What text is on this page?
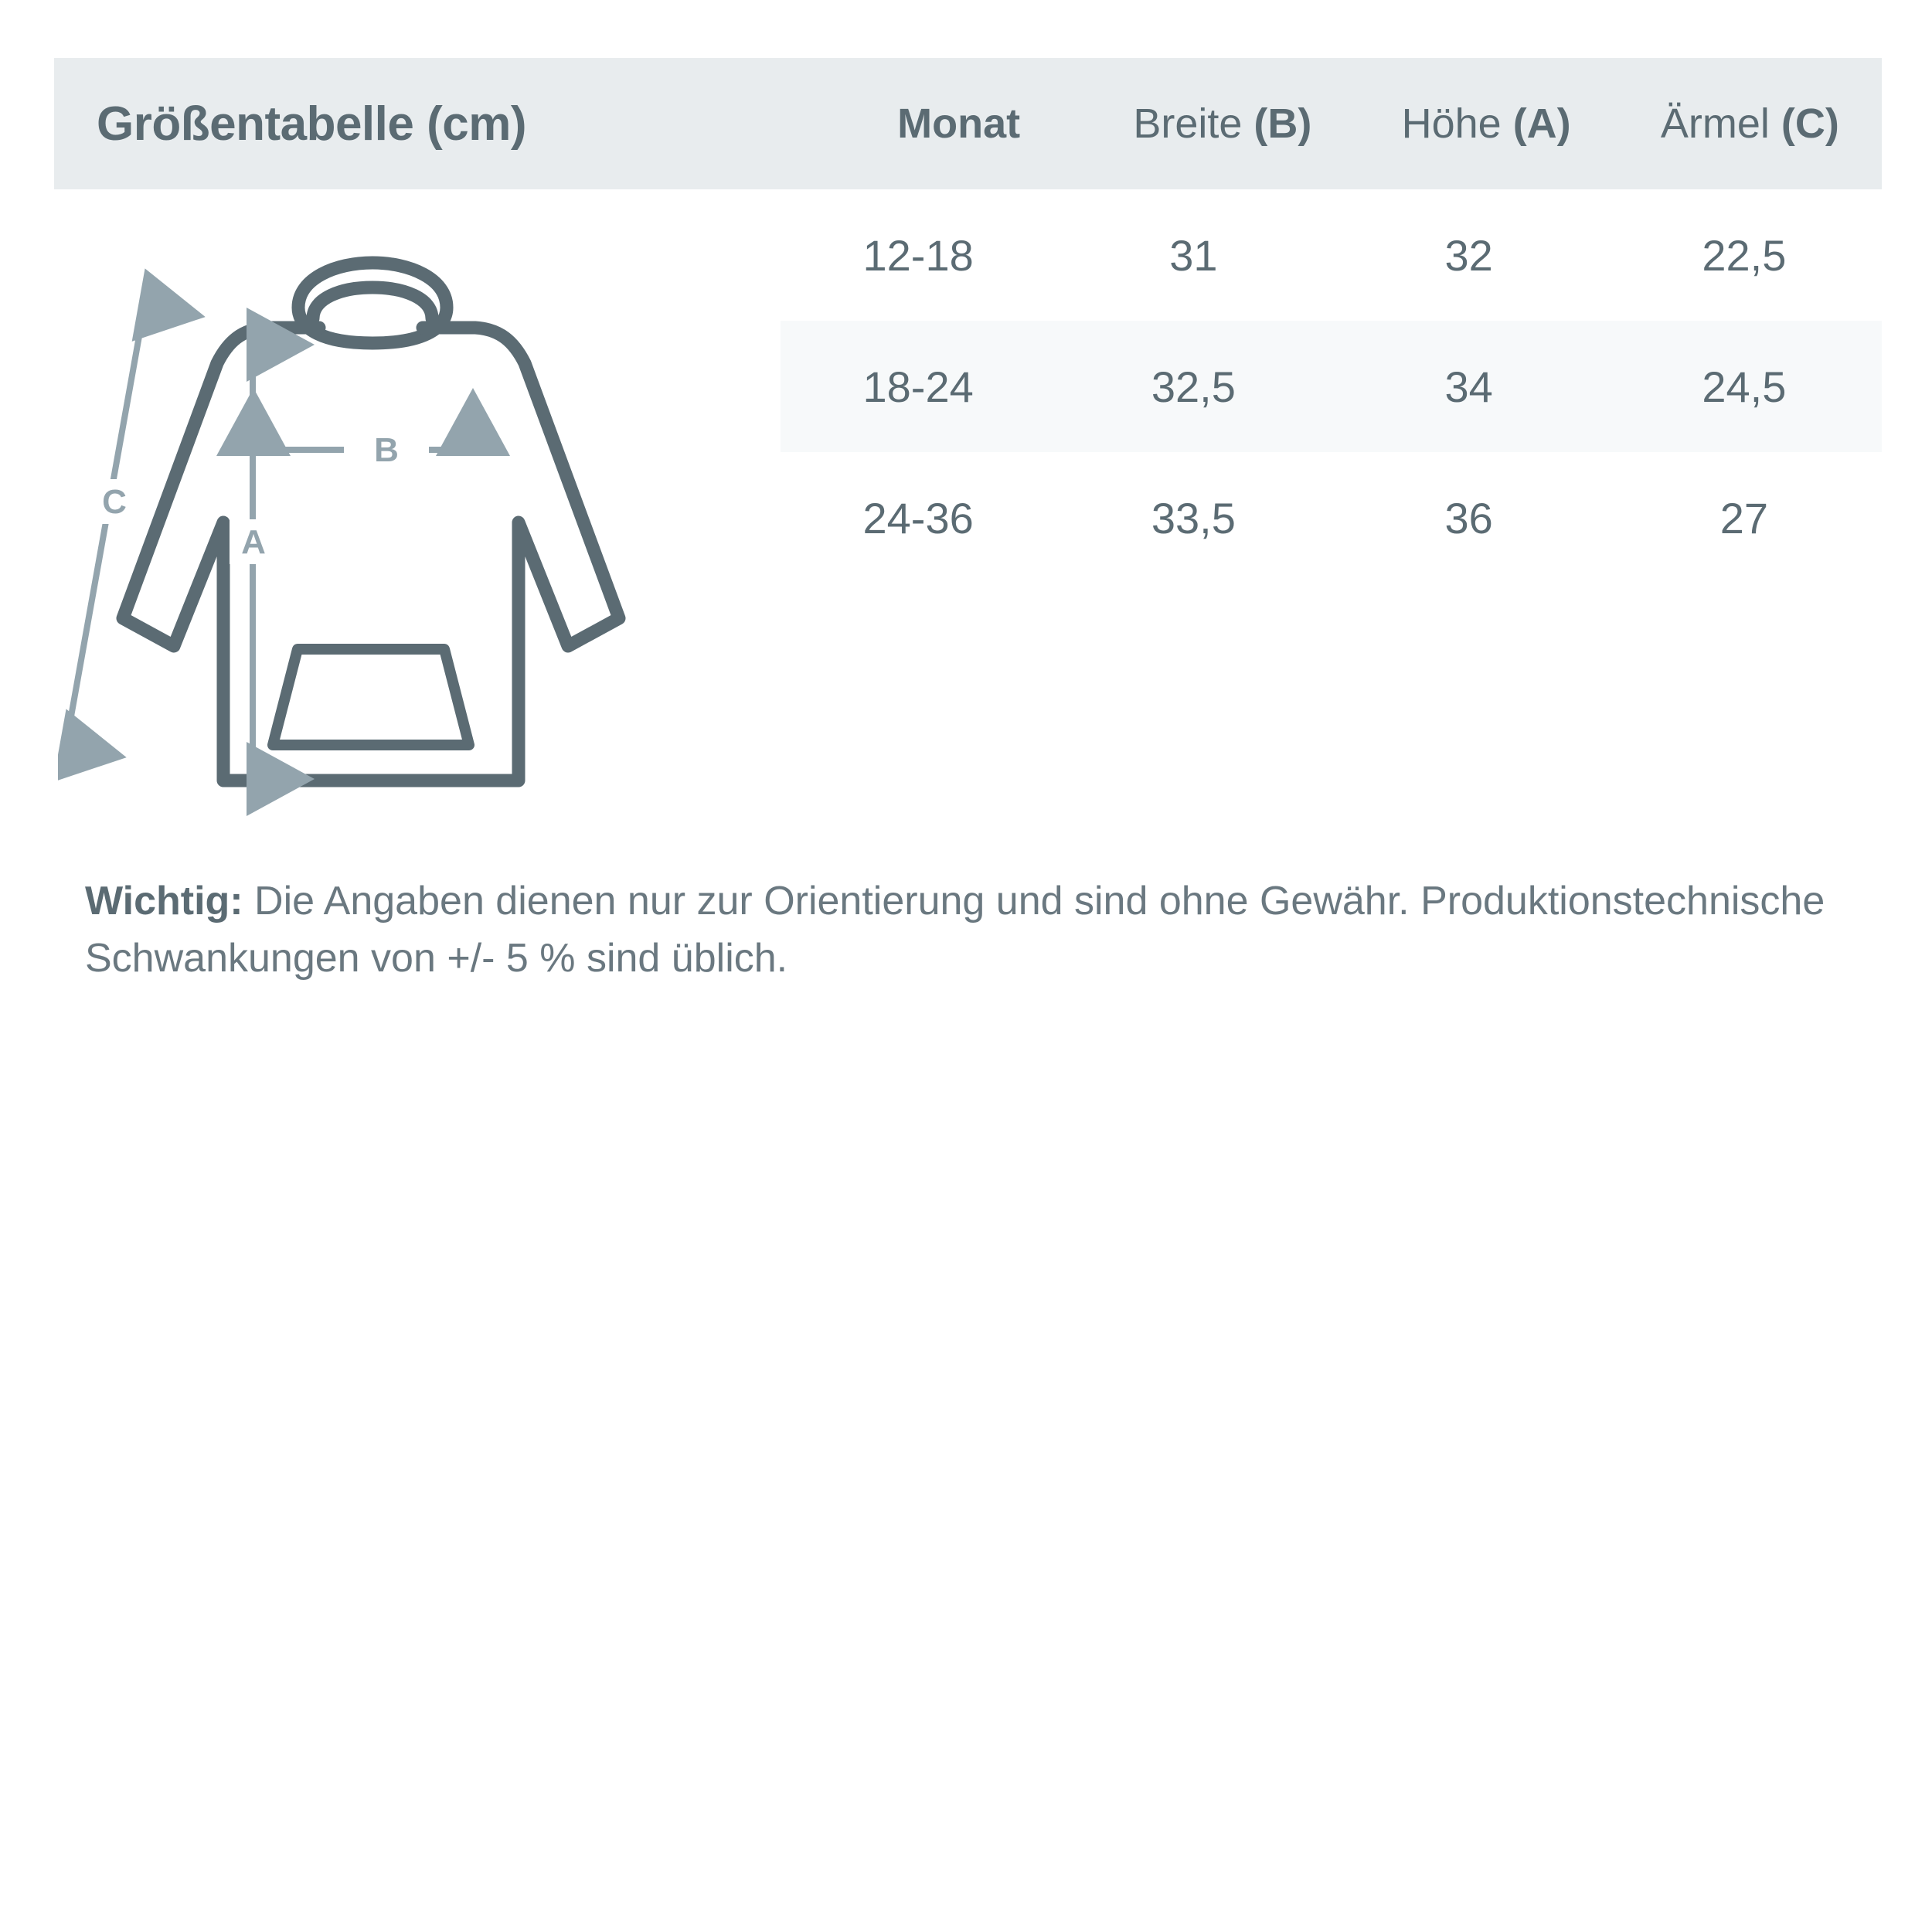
Größentabelle (cm)	Monat	Breite (B)	Höhe (A)	Ärmel (C)
12-18	31	32	22,5
18-24	32,5	34	24,5
24-36	33,5	36	27
B
A
C
Wichtig: Die Angaben dienen nur zur Orientierung und sind ohne Gewähr. Produktionstechnische Schwankungen von +/- 5 % sind üblich.
